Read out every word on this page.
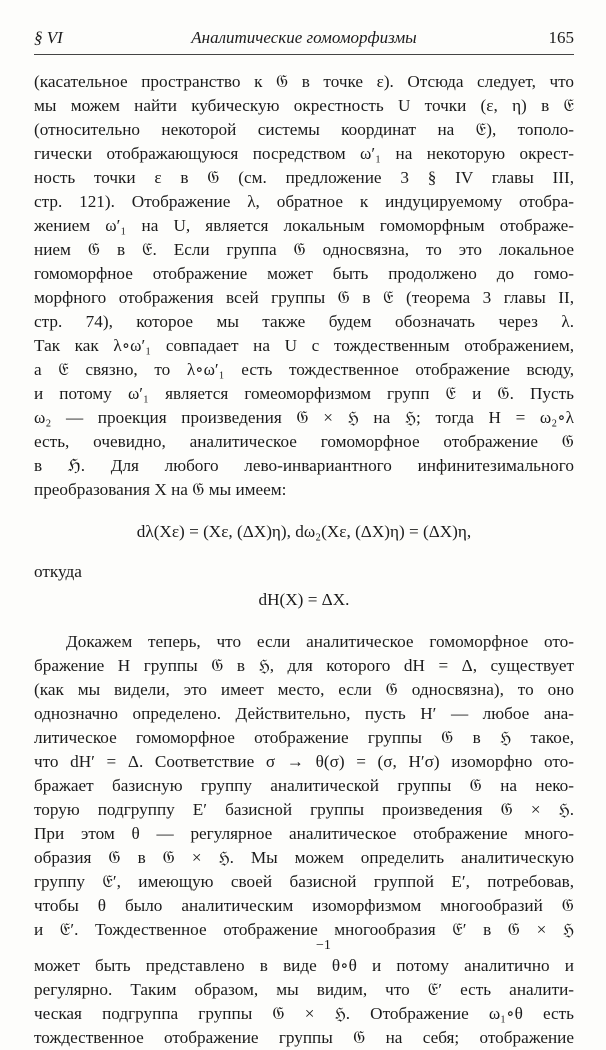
§ VI	Аналитические гомоморфизмы	165
(касательное пространство к 𝔊 в точке ε). Отсюда следует, что
мы можем найти кубическую окрестность U точки (ε, η) в 𝔈
(относительно некоторой системы координат на 𝔈), тополо-
гически отображающуюся посредством ω′₁ на некоторую окрест-
ность точки ε в 𝔊 (см. предложение 3 § IV главы III,
стр. 121). Отображение λ, обратное к индуцируемому отобра-
жением ω′₁ на U, является локальным гомоморфным отображе-
нием 𝔊 в 𝔈. Если группа 𝔊 односвязна, то это локальное
гомоморфное отображение может быть продолжено до гомо-
морфного отображения всей группы 𝔊 в 𝔈 (теорема 3 главы II,
стр. 74), которое мы также будем обозначать через λ.
Так как λ∘ω′₁ совпадает на U с тождественным отображением,
а 𝔈 связно, то λ∘ω′₁ есть тождественное отображение всюду,
и потому ω′₁ является гомеоморфизмом групп 𝔈 и 𝔊. Пусть
ω₂ — проекция произведения 𝔊 × ℌ на ℌ; тогда H = ω₂∘λ
есть, очевидно, аналитическое гомоморфное отображение 𝔊
в ℌ. Для любого лево-инвариантного инфинитезимального
преобразования X на 𝔊 мы имеем:
dλ(Xε) = (Xε, (ΔX)η), dω₂(Xε, (ΔX)η) = (ΔX)η,
откуда
dH(X) = ΔX.
Докажем теперь, что если аналитическое гомоморфное ото-
бражение H группы 𝔊 в ℌ, для которого dH = Δ, существует
(как мы видели, это имеет место, если 𝔊 односвязна), то оно
однозначно определено. Действительно, пусть H′ — любое ана-
литическое гомоморфное отображение группы 𝔊 в ℌ такое,
что dH′ = Δ. Соответствие σ → θ(σ) = (σ, H′σ) изоморфно ото-
бражает базисную группу аналитической группы 𝔊 на неко-
торую подгруппу E′ базисной группы произведения 𝔊 × ℌ.
При этом θ — регулярное аналитическое отображение много-
образия 𝔊 в 𝔊 × ℌ. Мы можем определить аналитическую
группу 𝔈′, имеющую своей базисной группой E′, потребовав,
чтобы θ было аналитическим изоморфизмом многообразий 𝔊
и 𝔈′. Тождественное отображение многообразия 𝔈′ в 𝔊 × ℌ
−1
может быть представлено в виде θ∘θ и потому аналитично и
регулярно. Таким образом, мы видим, что 𝔈′ есть аналити-
ческая подгруппа группы 𝔊 × ℌ. Отображение ω₁∘θ есть
тождественное отображение группы 𝔊 на себя; отображение
